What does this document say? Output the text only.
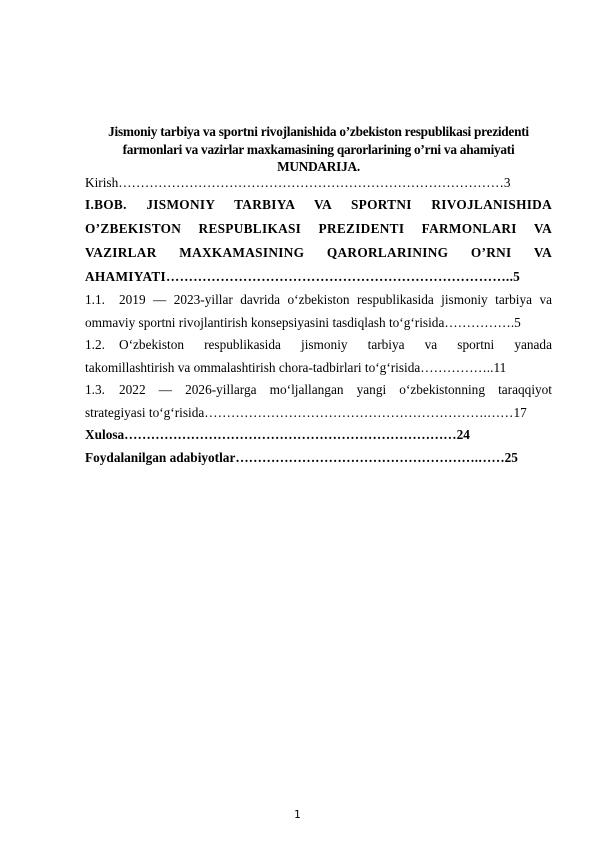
Jismoniy tarbiya va sportni rivojlanishida o’zbekiston respublikasi prezidenti
farmonlari va vazirlar maxkamasining qarorlarining o’rni va ahamiyati
MUNDARIJA.
Kirish……………………………………………………………………………3
I.BOB. JISMONIY TARBIYA VA SPORTNI RIVOJLANISHIDA
O’ZBEKISTON RESPUBLIKASI PREZIDENTI FARMONLARI VA
VAZIRLAR MAXKAMASINING QARORLARINING O’RNI VA
AHAMIYATI…………………………………………………………………..5
1.1. 2019 — 2023-yillar davrida o‘zbekiston respublikasida jismoniy tarbiya va
ommaviy sportni rivojlantirish konsepsiyasini tasdiqlash to‘g‘risida…………….5
1.2. O‘zbekiston respublikasida jismoniy tarbiya va sportni yanada
takomillashtirish va ommalashtirish chora-tadbirlari to‘g‘risida……………..11
1.3. 2022 — 2026-yillarga mo‘ljallangan yangi o‘zbekistonning taraqqiyot
strategiyasi to‘g‘risida……………………………………………………….……17
Xulosa…………………………………………………………………24
Foydalanilgan adabiyotlar……………………………………………….……25
1
